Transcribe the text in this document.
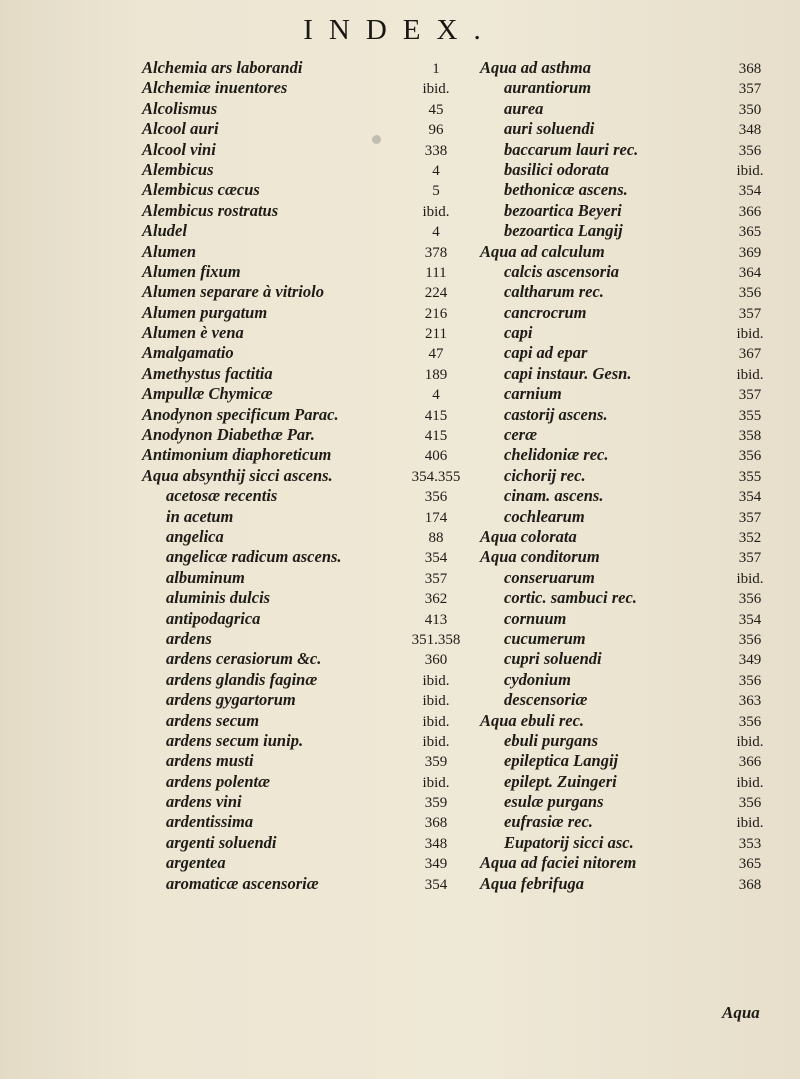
INDEX.
Alchemia ars laborandi	1
Alchemiæ inuentores	ibid.
Alcolismus	45
Alcool auri	96
Alcool vini	338
Alembicus	4
Alembicus cæcus	5
Alembicus rostratus	ibid.
Aludel	4
Alumen	378
Alumen fixum	111
Alumen separare à vitriolo	224
Alumen purgatum	216
Alumen è vena	211
Amalgamatio	47
Amethystus factitia	189
Ampullæ Chymicæ	4
Anodynon specificum Parac.	415
Anodynon Diabethæ Par.	415
Antimonium diaphoreticum	406
Aqua absynthij sicci ascens.	354.355
acetosæ recentis	356
in acetum	174
angelica	88
angelicæ radicum ascens.	354
albuminum	357
aluminis dulcis	362
antipodagrica	413
ardens	351.358
ardens cerasiorum &c.	360
ardens glandis faginæ	ibid.
ardens gygartorum	ibid.
ardens secum	ibid.
ardens secum iunip.	ibid.
ardens musti	359
ardens polentæ	ibid.
ardens vini	359
ardentissima	368
argenti soluendi	348
argentea	349
aromaticæ ascensoriæ	354
Aqua ad asthma	368
aurantiorum	357
aurea	350
auri soluendi	348
baccarum lauri rec.	356
basilici odorata	ibid.
bethonicæ ascens.	354
bezoartica Beyeri	366
bezoartica Langij	365
Aqua ad calculum	369
calcis ascensoria	364
caltharum rec.	356
cancrocrum	357
capi	ibid.
capi ad epar	367
capi instaur. Gesn.	ibid.
carnium	357
castorij ascens.	355
ceræ	358
chelidoniæ rec.	356
cichorij rec.	355
cinam. ascens.	354
cochlearum	357
Aqua colorata	352
Aqua conditorum	357
conseruarum	ibid.
cortic. sambuci rec.	356
cornuum	354
cucumerum	356
cupri soluendi	349
cydonium	356
descensoriæ	363
Aqua ebuli rec.	356
ebuli purgans	ibid.
epileptica Langij	366
epilept. Zuingeri	ibid.
esulæ purgans	356
eufrasiæ rec.	ibid.
Eupatorij sicci asc.	353
Aqua ad faciei nitorem	365
Aqua febrifuga	368
Aqua
